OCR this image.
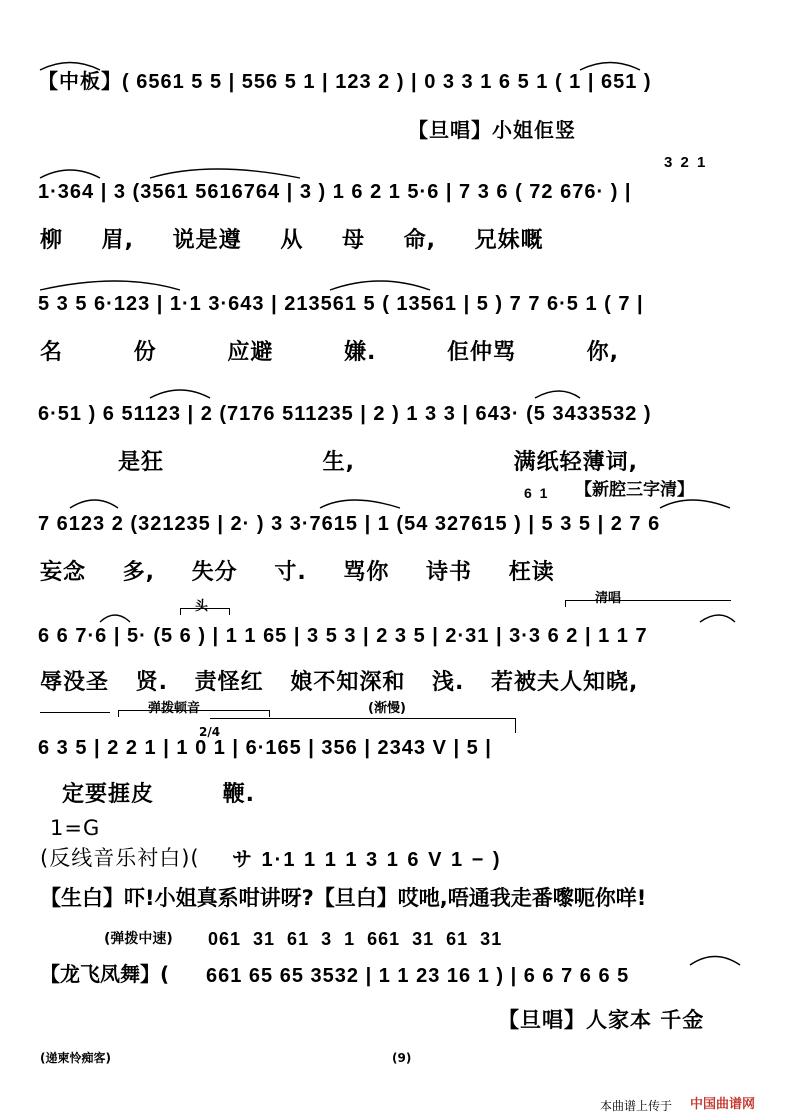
【中板】( 6561 5 5 | 556 5 1 | 123 2 ) | 0 3 3 1 6 5 1 ( 1 | 651 )
【旦唱】小姐佢竖
3 2 1
1·364 | 3 (3561 5616764 | 3 ) 1 6 2 1 5·6 | 7 3 6 ( 72 676· ) |
柳 眉, 说是遵 从 母 命, 兄妹嘅
5 3 5 6·123 | 1·1 3·643 | 213561 5 ( 13561 | 5 ) 7 7 6·5 1 ( 7 |
名 份 应避 嫌. 佢仲骂 你,
6·51 ) 6 51123 | 2 (7176 511235 | 2 ) 1 3 3 | 643· (5 3433532 )
是狂 生, 满纸轻薄词,
6 1 【新腔三字清】
7 6123 2 (321235 | 2· ) 3 3·7615 | 1 (54 327615 ) | 5 3 5 | 2 7 6
妄念 多, 失分 寸. 骂你 诗书 枉读
头
清唱
6 6 7·6 | 5· (5 6 ) | 1 1 65 | 3 5 3 | 2 3 5 | 2·31 | 3·3 6 2 | 1 1 7
辱没圣 贤. 责怪红 娘不知深和 浅. 若被夫人知晓,
弹拨顿音	(渐慢)
2/4
6 3 5 | 2 2 1 | 1 0 1 | 6·165 | 356 | 2343 V | 5 |
定要捱皮 鞭.
1=G
(反线音乐衬白)( サ 1·1 1 1 1 3 1 6 V 1 − )
【生白】吓!小姐真系咁讲呀?【旦白】哎吔,唔通我走番嚟呃你咩!
(弹拨中速) 061 31 61 3 1 661 31 61 31
【龙飞凤舞】( 661 65 65 3532 | 1 1 23 16 1 ) | 6 6 7 6 6 5
【旦唱】人家本 千金
(递柬怜痴客)	(9)
本曲谱上传于 中国曲谱网
